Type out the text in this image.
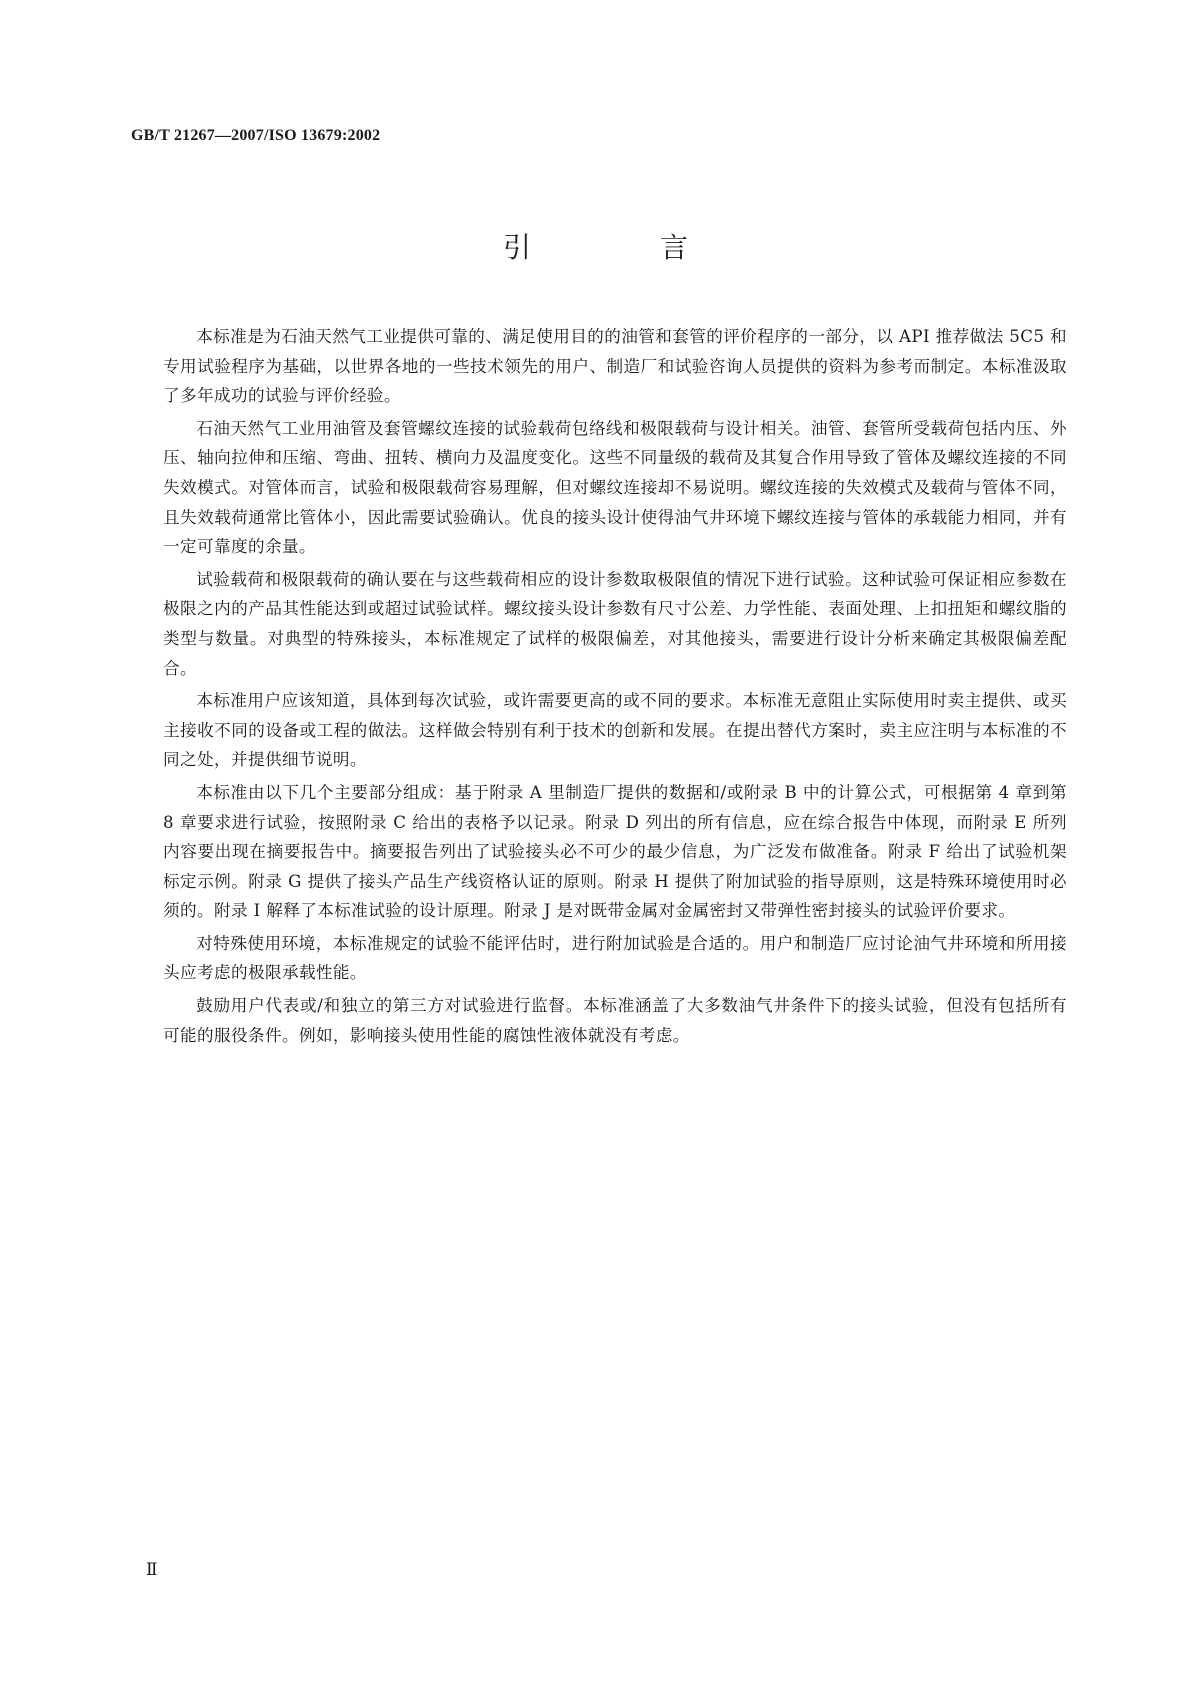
GB/T 21267—2007/ISO 13679:2002
引 言

本标准是为石油天然气工业提供可靠的、满足使用目的的油管和套管的评价程序的一部分，以 API 推荐做法 5C5 和专用试验程序为基础，以世界各地的一些技术领先的用户、制造厂和试验咨询人员提供的资料为参考而制定。本标准汲取了多年成功的试验与评价经验。

石油天然气工业用油管及套管螺纹连接的试验载荷包络线和极限载荷与设计相关。油管、套管所受载荷包括内压、外压、轴向拉伸和压缩、弯曲、扭转、横向力及温度变化。这些不同量级的载荷及其复合作用导致了管体及螺纹连接的不同失效模式。对管体而言，试验和极限载荷容易理解，但对螺纹连接却不易说明。螺纹连接的失效模式及载荷与管体不同，且失效载荷通常比管体小，因此需要试验确认。优良的接头设计使得油气井环境下螺纹连接与管体的承载能力相同，并有一定可靠度的余量。

试验载荷和极限载荷的确认要在与这些载荷相应的设计参数取极限值的情况下进行试验。这种试验可保证相应参数在极限之内的产品其性能达到或超过试验试样。螺纹接头设计参数有尺寸公差、力学性能、表面处理、上扣扭矩和螺纹脂的类型与数量。对典型的特殊接头，本标准规定了试样的极限偏差，对其他接头，需要进行设计分析来确定其极限偏差配合。

本标准用户应该知道，具体到每次试验，或许需要更高的或不同的要求。本标准无意阻止实际使用时卖主提供、或买主接收不同的设备或工程的做法。这样做会特别有利于技术的创新和发展。在提出替代方案时，卖主应注明与本标准的不同之处，并提供细节说明。

本标准由以下几个主要部分组成：基于附录 A 里制造厂提供的数据和/或附录 B 中的计算公式，可根据第 4 章到第 8 章要求进行试验，按照附录 C 给出的表格予以记录。附录 D 列出的所有信息，应在综合报告中体现，而附录 E 所列内容要出现在摘要报告中。摘要报告列出了试验接头必不可少的最少信息，为广泛发布做准备。附录 F 给出了试验机架标定示例。附录 G 提供了接头产品生产线资格认证的原则。附录 H 提供了附加试验的指导原则，这是特殊环境使用时必须的。附录 I 解释了本标准试验的设计原理。附录 J 是对既带金属对金属密封又带弹性密封接头的试验评价要求。

对特殊使用环境，本标准规定的试验不能评估时，进行附加试验是合适的。用户和制造厂应讨论油气井环境和所用接头应考虑的极限承载性能。

鼓励用户代表或/和独立的第三方对试验进行监督。本标准涵盖了大多数油气井条件下的接头试验，但没有包括所有可能的服役条件。例如，影响接头使用性能的腐蚀性液体就没有考虑。

Ⅱ
